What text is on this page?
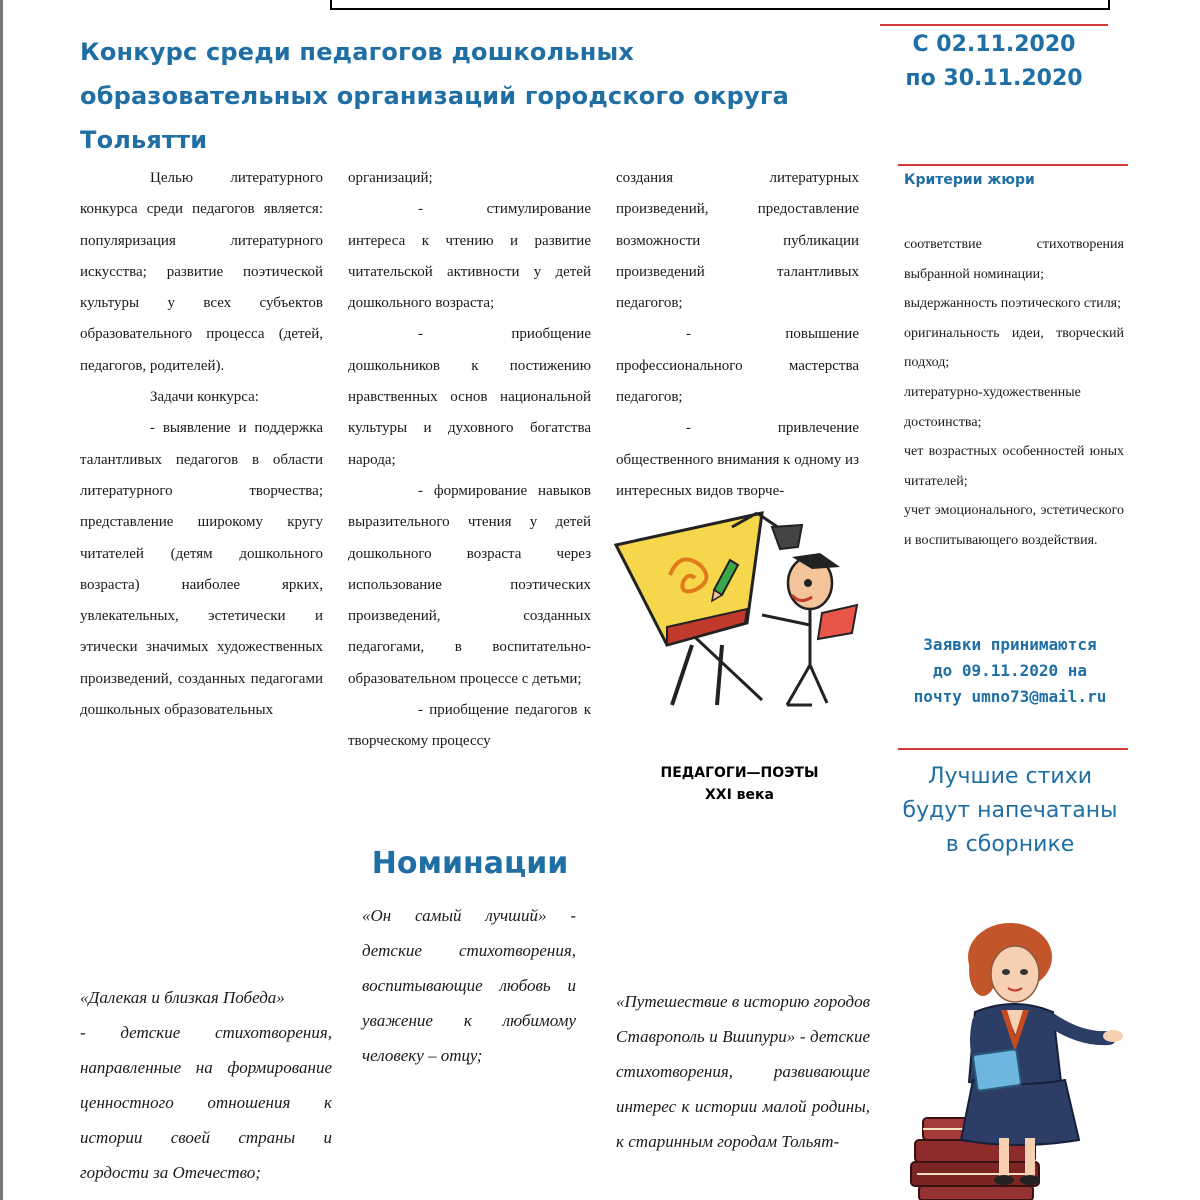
Конкурс среди педагогов дошкольных образовательных организаций городского округа Тольятти
С 02.11.2020
по 30.11.2020

Целью литературного конкурса среди педагогов является: популяризация литературного искусства; развитие поэтической культуры у всех субъектов образовательного процесса (детей, педагогов, родителей).

Задачи конкурса:

- выявление и поддержка талантливых педагогов в области литературного творчества; представление широкому кругу читателей (детям дошкольного возраста) наиболее ярких, увлекательных, эстетически и этически значимых художественных произведений, созданных педагогами дошкольных образовательных

организаций;

- стимулирование интереса к чтению и развитие читательской активности у детей дошкольного возраста;

- приобщение дошкольников к постижению нравственных основ национальной культуры и духовного богатства народа;

- формирование навыков выразительного чтения у детей дошкольного возраста через использование поэтических произведений, созданных педагогами, в воспитательно-образовательном процессе с детьми;

- приобщение педагогов к творческому процессу

создания литературных произведений, предоставление возможности публикации произведений талантливых педагогов;

- повышение профессионального мастерства педагогов;

- привлечение общественного внимания к одному из интересных видов творче-

ПЕДАГОГИ—ПОЭТЫ
XXI века
Критерии жюри
соответствие стихотворения выбранной номинации;
выдержанность поэтического стиля;
оригинальность идеи, творческий подход;
литературно-художественные достоинства;
чет возрастных особенностей юных читателей;
учет эмоционального, эстетического и воспитывающего воздействия.
Заявки принимаются
до 09.11.2020 на
почту umno73@mail.ru
Лучшие стихи будут напечатаны в сборнике
Номинации
«Далекая и близкая Победа»
- детские стихотворения, направленные на формирование ценностного отношения к истории своей страны и гордости за Отечество;
«Он самый лучший» - детские стихотворения, воспитывающие любовь и уважение к любимому человеку – отцу;
«Путешествие в историю городов Ставрополь и Вшипури» - детские стихотворения, развивающие интерес к истории малой родины, к старинным городам Тольят-
